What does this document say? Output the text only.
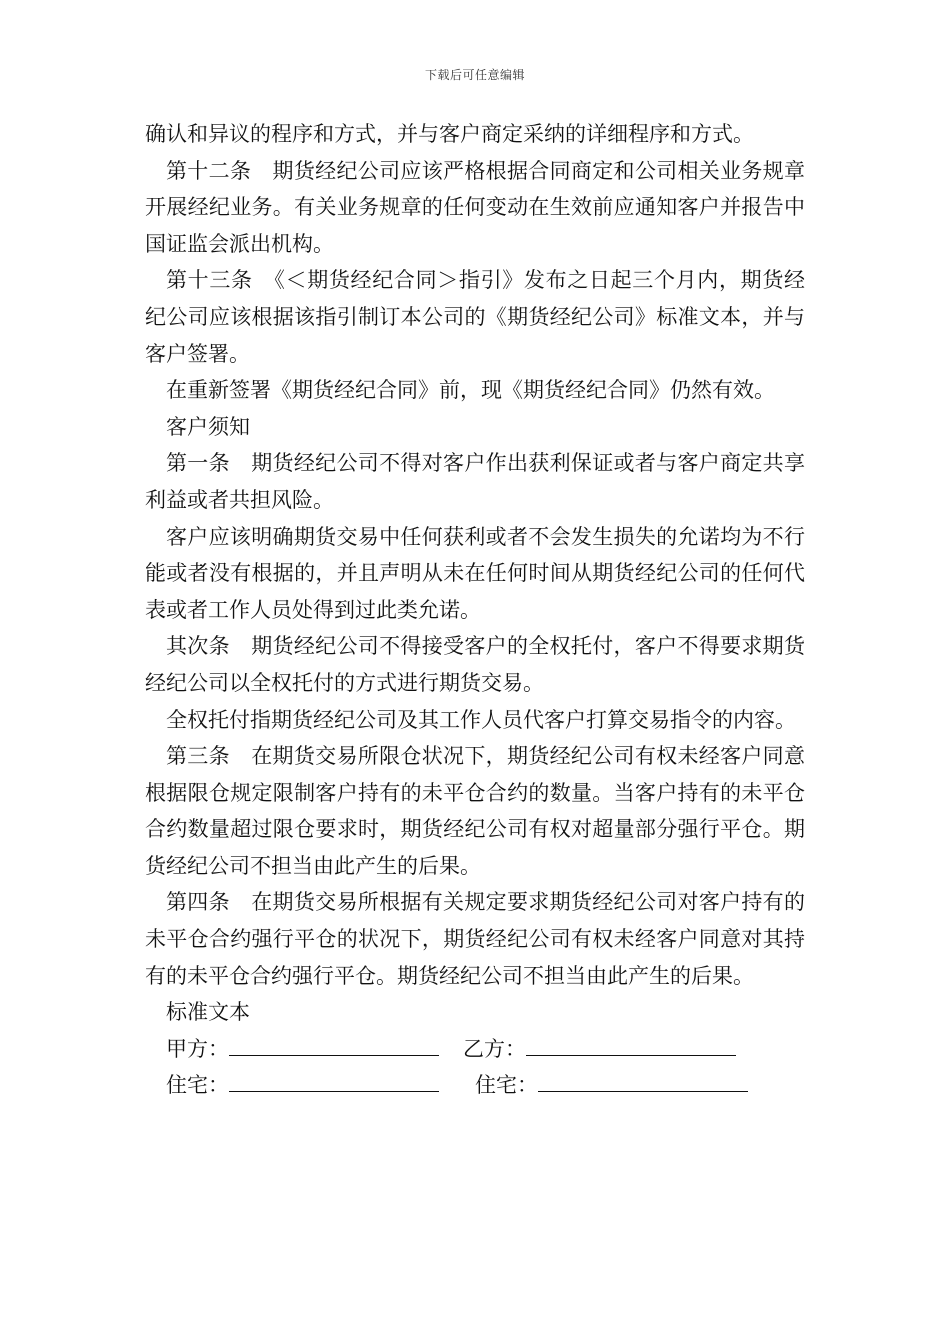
下载后可任意编辑

确认和异议的程序和方式，并与客户商定采纳的详细程序和方式。

第十二条　期货经纪公司应该严格根据合同商定和公司相关业务规章开展经纪业务。有关业务规章的任何变动在生效前应通知客户并报告中国证监会派出机构。

第十三条　《＜期货经纪合同＞指引》发布之日起三个月内，期货经纪公司应该根据该指引制订本公司的《期货经纪公司》标准文本，并与客户签署。

在重新签署《期货经纪合同》前，现《期货经纪合同》仍然有效。

客户须知

第一条　期货经纪公司不得对客户作出获利保证或者与客户商定共享利益或者共担风险。

客户应该明确期货交易中任何获利或者不会发生损失的允诺均为不行能或者没有根据的，并且声明从未在任何时间从期货经纪公司的任何代表或者工作人员处得到过此类允诺。

其次条　期货经纪公司不得接受客户的全权托付，客户不得要求期货经纪公司以全权托付的方式进行期货交易。

全权托付指期货经纪公司及其工作人员代客户打算交易指令的内容。

第三条　在期货交易所限仓状况下，期货经纪公司有权未经客户同意根据限仓规定限制客户持有的未平仓合约的数量。当客户持有的未平仓合约数量超过限仓要求时，期货经纪公司有权对超量部分强行平仓。期货经纪公司不担当由此产生的后果。

第四条　在期货交易所根据有关规定要求期货经纪公司对客户持有的未平仓合约强行平仓的状况下，期货经纪公司有权未经客户同意对其持有的未平仓合约强行平仓。期货经纪公司不担当由此产生的后果。

标准文本

甲方：	乙方：
住宅：	住宅：
